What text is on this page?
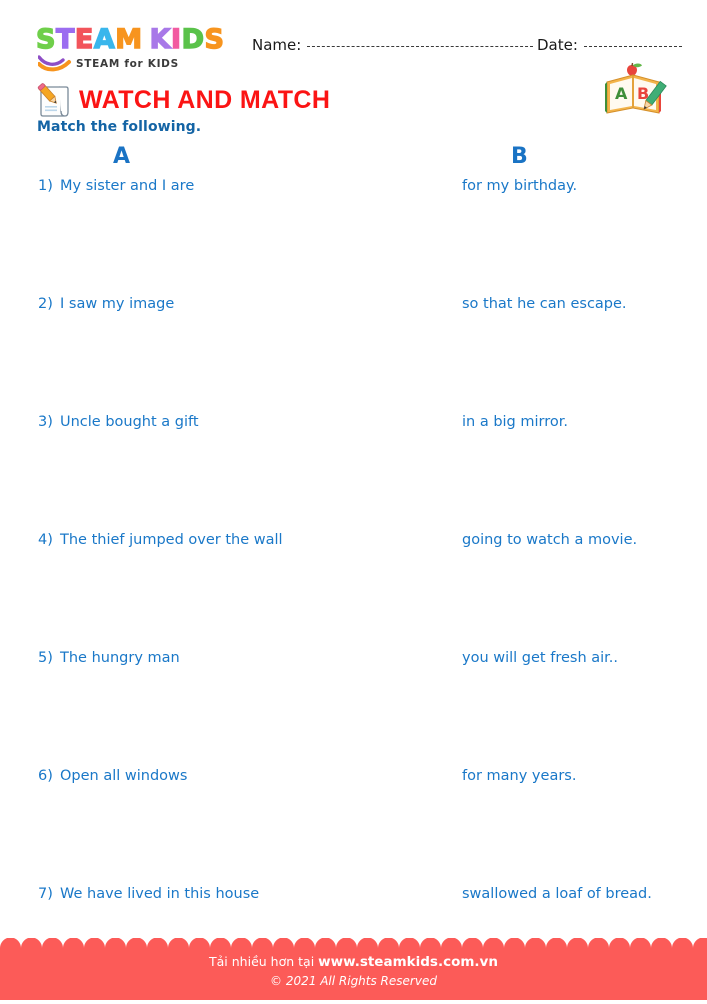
STEAM KIDS
STEAM for KIDS
Name:	Date:
WATCH AND MATCH
Match the following.
A B
A	B
1) My sister and I are	for my birthday.
2) I saw my image	so that he can escape.
3) Uncle bought a gift	in a big mirror.
4) The thief jumped over the wall	going to watch a movie.
5) The hungry man	you will get fresh air..
6) Open all windows	for many years.
7) We have lived in this house	swallowed a loaf of bread.
Tải nhiều hơn tại www.steamkids.com.vn
© 2021 All Rights Reserved
